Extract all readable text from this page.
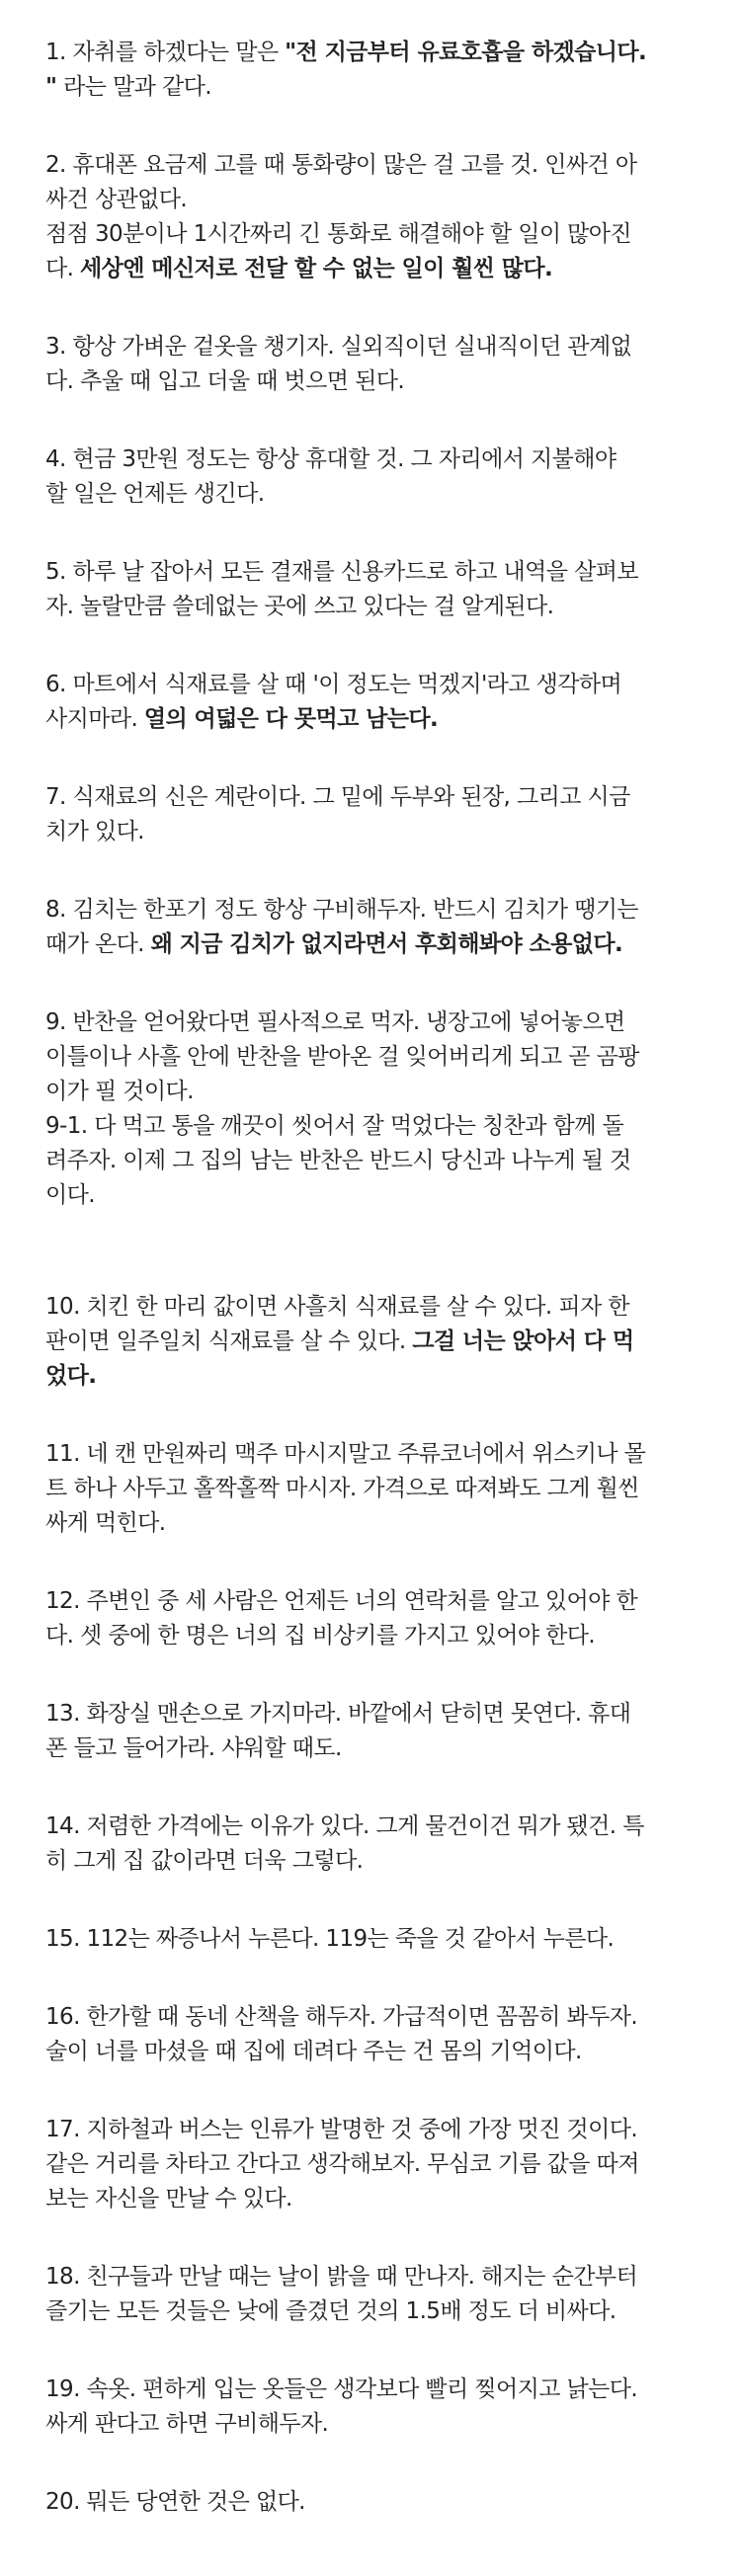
1. 자취를 하겠다는 말은 "전 지금부터 유료호흡을 하겠습니다.
" 라는 말과 같다.
2. 휴대폰 요금제 고를 때 통화량이 많은 걸 고를 것. 인싸건 아
싸건 상관없다.
점점 30분이나 1시간짜리 긴 통화로 해결해야 할 일이 많아진
다. 세상엔 메신저로 전달 할 수 없는 일이 훨씬 많다.
3. 항상 가벼운 겉옷을 챙기자. 실외직이던 실내직이던 관계없
다. 추울 때 입고 더울 때 벗으면 된다.
4. 현금 3만원 정도는 항상 휴대할 것. 그 자리에서 지불해야
할 일은 언제든 생긴다.
5. 하루 날 잡아서 모든 결재를 신용카드로 하고 내역을 살펴보
자. 놀랄만큼 쓸데없는 곳에 쓰고 있다는 걸 알게된다.
6. 마트에서 식재료를 살 때 '이 정도는 먹겠지'라고 생각하며
사지마라. 열의 여덟은 다 못먹고 남는다.
7. 식재료의 신은 계란이다. 그 밑에 두부와 된장, 그리고 시금
치가 있다.
8. 김치는 한포기 정도 항상 구비해두자. 반드시 김치가 땡기는
때가 온다. 왜 지금 김치가 없지라면서 후회해봐야 소용없다.
9. 반찬을 얻어왔다면 필사적으로 먹자. 냉장고에 넣어놓으면
이틀이나 사흘 안에 반찬을 받아온 걸 잊어버리게 되고 곧 곰팡
이가 필 것이다.
9-1. 다 먹고 통을 깨끗이 씻어서 잘 먹었다는 칭찬과 함께 돌
려주자. 이제 그 집의 남는 반찬은 반드시 당신과 나누게 될 것
이다.
10. 치킨 한 마리 값이면 사흘치 식재료를 살 수 있다. 피자 한
판이면 일주일치 식재료를 살 수 있다. 그걸 너는 앉아서 다 먹
었다.
11. 네 캔 만원짜리 맥주 마시지말고 주류코너에서 위스키나 몰
트 하나 사두고 홀짝홀짝 마시자. 가격으로 따져봐도 그게 훨씬
싸게 먹힌다.
12. 주변인 중 세 사람은 언제든 너의 연락처를 알고 있어야 한
다. 셋 중에 한 명은 너의 집 비상키를 가지고 있어야 한다.
13. 화장실 맨손으로 가지마라. 바깥에서 닫히면 못연다. 휴대
폰 들고 들어가라. 샤워할 때도.
14. 저렴한 가격에는 이유가 있다. 그게 물건이건 뭐가 됐건. 특
히 그게 집 값이라면 더욱 그렇다.
15. 112는 짜증나서 누른다. 119는 죽을 것 같아서 누른다.
16. 한가할 때 동네 산책을 해두자. 가급적이면 꼼꼼히 봐두자.
술이 너를 마셨을 때 집에 데려다 주는 건 몸의 기억이다.
17. 지하철과 버스는 인류가 발명한 것 중에 가장 멋진 것이다.
같은 거리를 차타고 간다고 생각해보자. 무심코 기름 값을 따져
보는 자신을 만날 수 있다.
18. 친구들과 만날 때는 날이 밝을 때 만나자. 해지는 순간부터
즐기는 모든 것들은 낮에 즐겼던 것의 1.5배 정도 더 비싸다.
19. 속옷. 편하게 입는 옷들은 생각보다 빨리 찢어지고 낡는다.
싸게 판다고 하면 구비해두자.
20. 뭐든 당연한 것은 없다.
